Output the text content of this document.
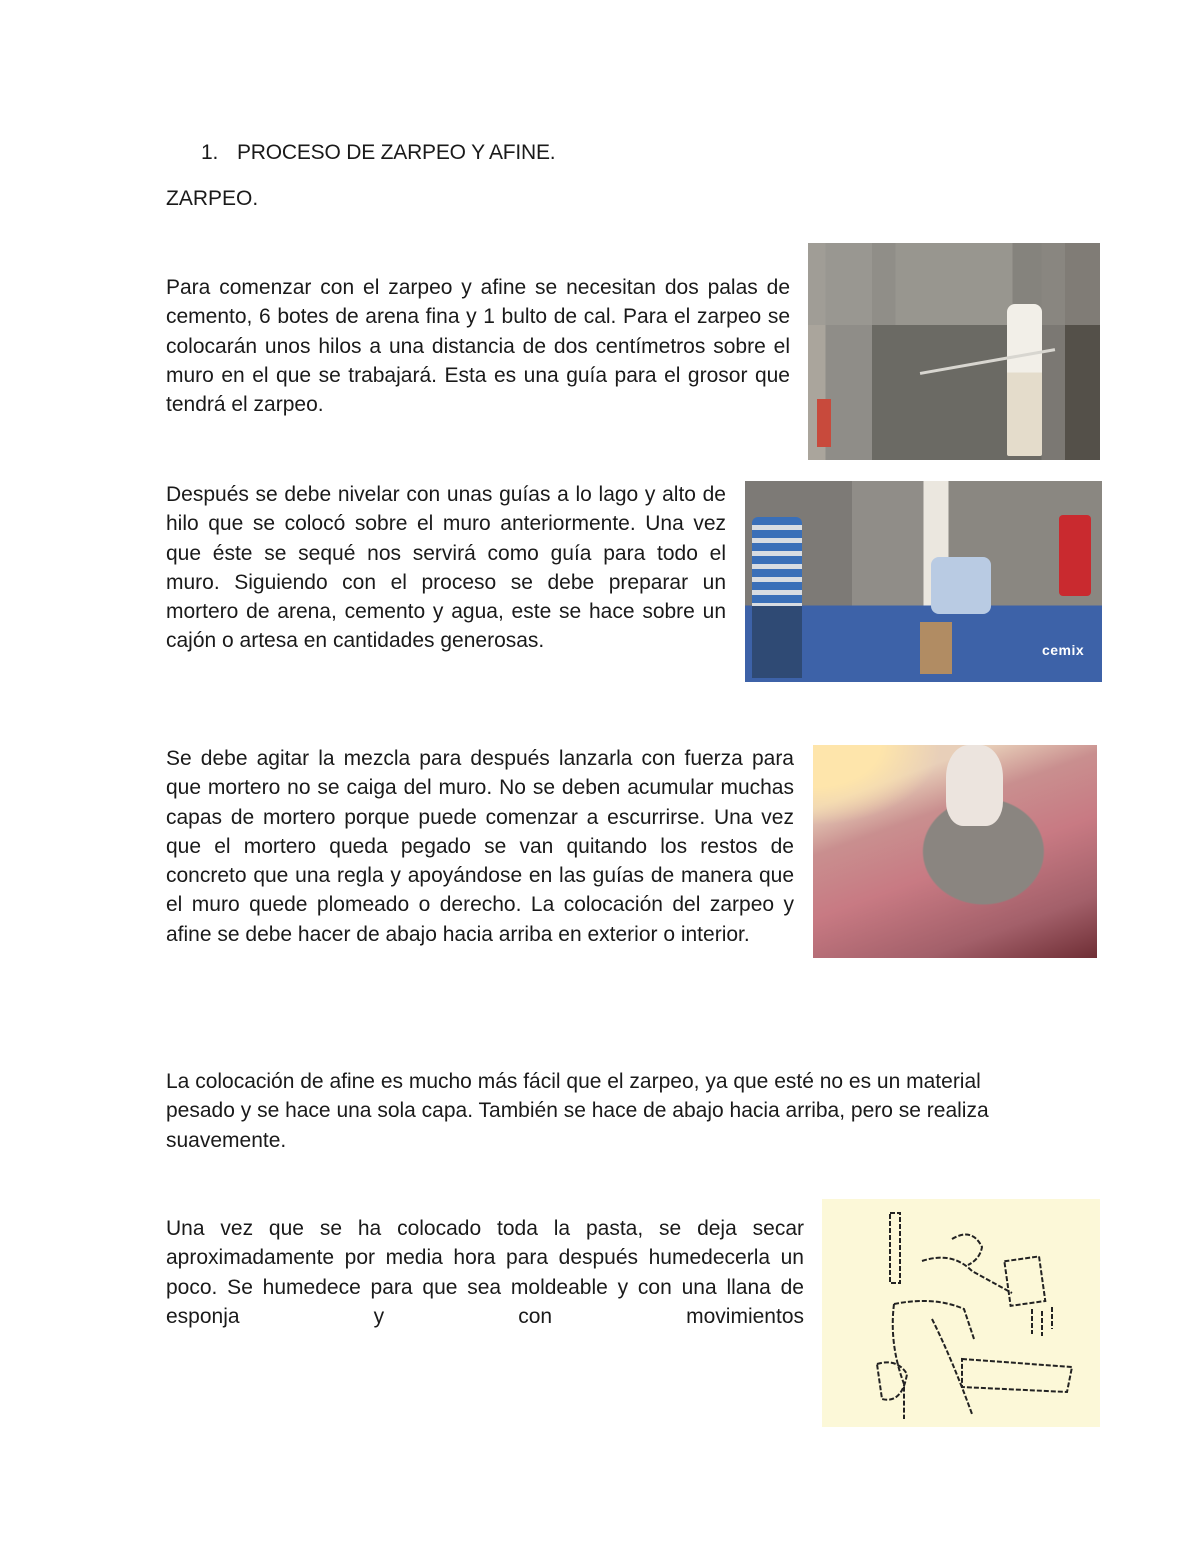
1. PROCESO DE ZARPEO Y AFINE.
ZARPEO.

Para comenzar con el zarpeo y afine se necesitan dos palas de cemento, 6 botes de arena fina y 1 bulto de cal. Para el zarpeo se colocarán unos hilos a una distancia de dos centímetros sobre el muro en el que se trabajará. Esta es una guía para el grosor que tendrá el zarpeo.

Después se debe nivelar con unas guías a lo lago y alto de hilo que se colocó sobre el muro anteriormente. Una vez que éste se sequé nos servirá como guía para todo el muro. Siguiendo con el proceso se debe preparar un mortero de arena, cemento y agua, este se hace sobre un cajón o artesa en cantidades generosas.

Se debe agitar la mezcla para después lanzarla con fuerza para que mortero no se caiga del muro. No se deben acumular muchas capas de mortero porque puede comenzar a escurrirse. Una vez que el mortero queda pegado se van quitando los restos de concreto que una regla y apoyándose en las guías de manera que el muro quede plomeado o derecho. La colocación del zarpeo y afine se debe hacer de abajo hacia arriba en exterior o interior.

La colocación de afine es mucho más fácil que el zarpeo, ya que esté no es un material pesado y se hace una sola capa. También se hace de abajo hacia arriba, pero se realiza suavemente.

Una vez que se ha colocado toda la pasta, se deja secar aproximadamente por media hora para después humedecerla un poco. Se humedece para que sea moldeable y con una llana de esponja y con movimientos

cemix
